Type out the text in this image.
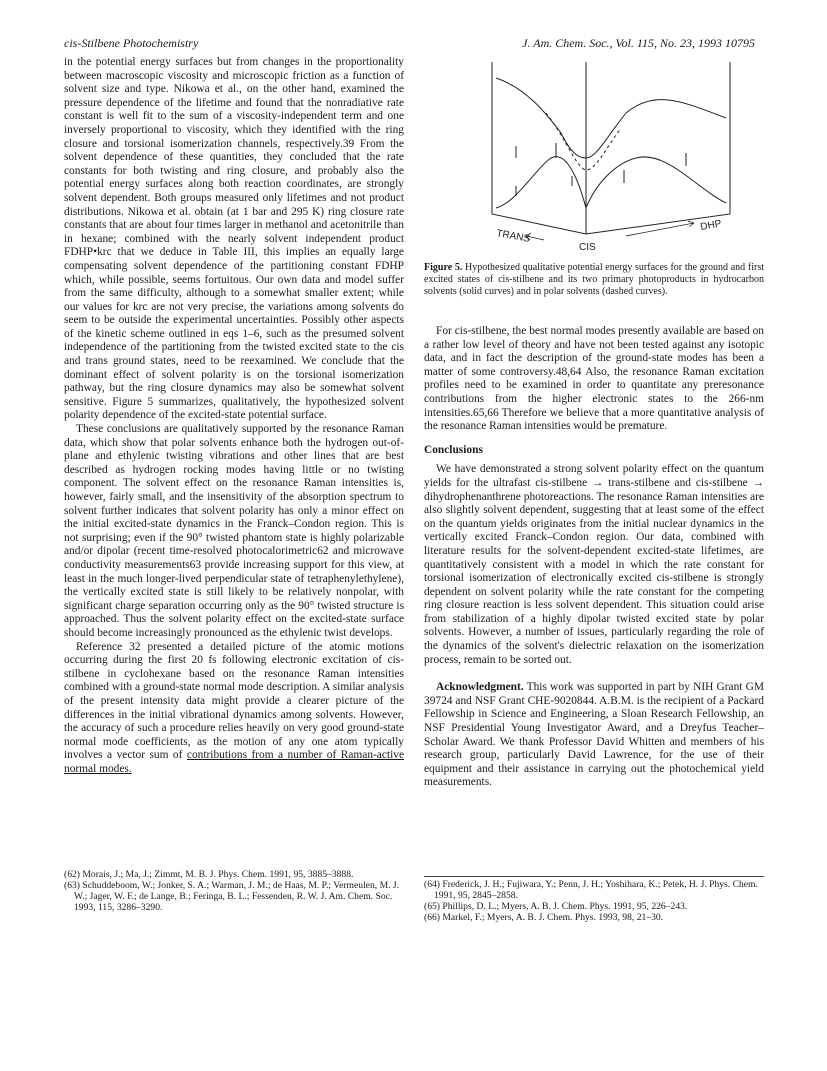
cis-Stilbene Photochemistry	J. Am. Chem. Soc., Vol. 115, No. 23, 1993 10795

in the potential energy surfaces but from changes in the proportionality between macroscopic viscosity and microscopic friction as a function of solvent size and type. Nikowa et al., on the other hand, examined the pressure dependence of the lifetime and found that the nonradiative rate constant is well fit to the sum of a viscosity-independent term and one inversely proportional to viscosity, which they identified with the ring closure and torsional isomerization channels, respectively.39 From the solvent dependence of these quantities, they concluded that the rate constants for both twisting and ring closure, and probably also the potential energy surfaces along both reaction coordinates, are strongly solvent dependent. Both groups measured only lifetimes and not product distributions. Nikowa et al. obtain (at 1 bar and 295 K) ring closure rate constants that are about four times larger in methanol and acetonitrile than in hexane; combined with the nearly solvent independent product FDHP•krc that we deduce in Table III, this implies an equally large compensating solvent dependence of the partitioning constant FDHP which, while possible, seems fortuitous. Our own data and model suffer from the same difficulty, although to a somewhat smaller extent; while our values for krc are not very precise, the variations among solvents do seem to be outside the experimental uncertainties. Possibly other aspects of the kinetic scheme outlined in eqs 1–6, such as the presumed solvent independence of the partitioning from the twisted excited state to the cis and trans ground states, need to be reexamined. We conclude that the dominant effect of solvent polarity is on the torsional isomerization pathway, but the ring closure dynamics may also be somewhat solvent sensitive. Figure 5 summarizes, qualitatively, the hypothesized solvent polarity dependence of the excited-state potential surface.

These conclusions are qualitatively supported by the resonance Raman data, which show that polar solvents enhance both the hydrogen out-of-plane and ethylenic twisting vibrations and other lines that are best described as hydrogen rocking modes having little or no twisting component. The solvent effect on the resonance Raman intensities is, however, fairly small, and the insensitivity of the absorption spectrum to solvent further indicates that solvent polarity has only a minor effect on the initial excited-state dynamics in the Franck–Condon region. This is not surprising; even if the 90° twisted phantom state is highly polarizable and/or dipolar (recent time-resolved photocalorimetric62 and microwave conductivity measurements63 provide increasing support for this view, at least in the much longer-lived perpendicular state of tetraphenylethylene), the vertically excited state is still likely to be relatively nonpolar, with significant charge separation occurring only as the 90° twisted structure is approached. Thus the solvent polarity effect on the excited-state surface should become increasingly pronounced as the ethylenic twist develops.

Reference 32 presented a detailed picture of the atomic motions occurring during the first 20 fs following electronic excitation of cis-stilbene in cyclohexane based on the resonance Raman intensities combined with a ground-state normal mode description. A similar analysis of the present intensity data might provide a clearer picture of the differences in the initial vibrational dynamics among solvents. However, the accuracy of such a procedure relies heavily on very good ground-state normal mode coefficients, as the motion of any one atom typically involves a vector sum of contributions from a number of Raman-active normal modes.

TRANS
CIS
DHP
Figure 5. Hypothesized qualitative potential energy surfaces for the ground and first excited states of cis-stilbene and its two primary photoproducts in hydrocarbon solvents (solid curves) and in polar solvents (dashed curves).

For cis-stilbene, the best normal modes presently available are based on a rather low level of theory and have not been tested against any isotopic data, and in fact the description of the ground-state modes has been a matter of some controversy.48,64 Also, the resonance Raman excitation profiles need to be examined in order to quantitate any preresonance contributions from the higher electronic states to the 266-nm intensities.65,66 Therefore we believe that a more quantitative analysis of the resonance Raman intensities would be premature.

Conclusions

We have demonstrated a strong solvent polarity effect on the quantum yields for the ultrafast cis-stilbene → trans-stilbene and cis-stilbene → dihydrophenanthrene photoreactions. The resonance Raman intensities are also slightly solvent dependent, suggesting that at least some of the effect on the quantum yields originates from the initial nuclear dynamics in the vertically excited Franck–Condon region. Our data, combined with literature results for the solvent-dependent excited-state lifetimes, are quantitatively consistent with a model in which the rate constant for torsional isomerization of electronically excited cis-stilbene is strongly dependent on solvent polarity while the rate constant for the competing ring closure reaction is less solvent dependent. This situation could arise from stabilization of a highly dipolar twisted excited state by polar solvents. However, a number of issues, particularly regarding the role of the dynamics of the solvent's dielectric relaxation on the isomerization process, remain to be sorted out.

Acknowledgment. This work was supported in part by NIH Grant GM 39724 and NSF Grant CHE-9020844. A.B.M. is the recipient of a Packard Fellowship in Science and Engineering, a Sloan Research Fellowship, an NSF Presidential Young Investigator Award, and a Dreyfus Teacher–Scholar Award. We thank Professor David Whitten and members of his research group, particularly David Lawrence, for the use of their equipment and their assistance in carrying out the photochemical yield measurements.

(62) Morais, J.; Ma, J.; Zimmt, M. B. J. Phys. Chem. 1991, 95, 3885–3888.

(63) Schuddeboom, W.; Jonker, S. A.; Warman, J. M.; de Haas, M. P.; Vermeulen, M. J. W.; Jager, W. F.; de Lange, B.; Feringa, B. L.; Fessenden, R. W. J. Am. Chem. Soc. 1993, 115, 3286–3290.

(64) Frederick, J. H.; Fujiwara, Y.; Penn, J. H.; Yoshihara, K.; Petek, H. J. Phys. Chem. 1991, 95, 2845–2858.

(65) Phillips, D. L.; Myers, A. B. J. Chem. Phys. 1991, 95, 226–243.

(66) Markel, F.; Myers, A. B. J. Chem. Phys. 1993, 98, 21–30.
